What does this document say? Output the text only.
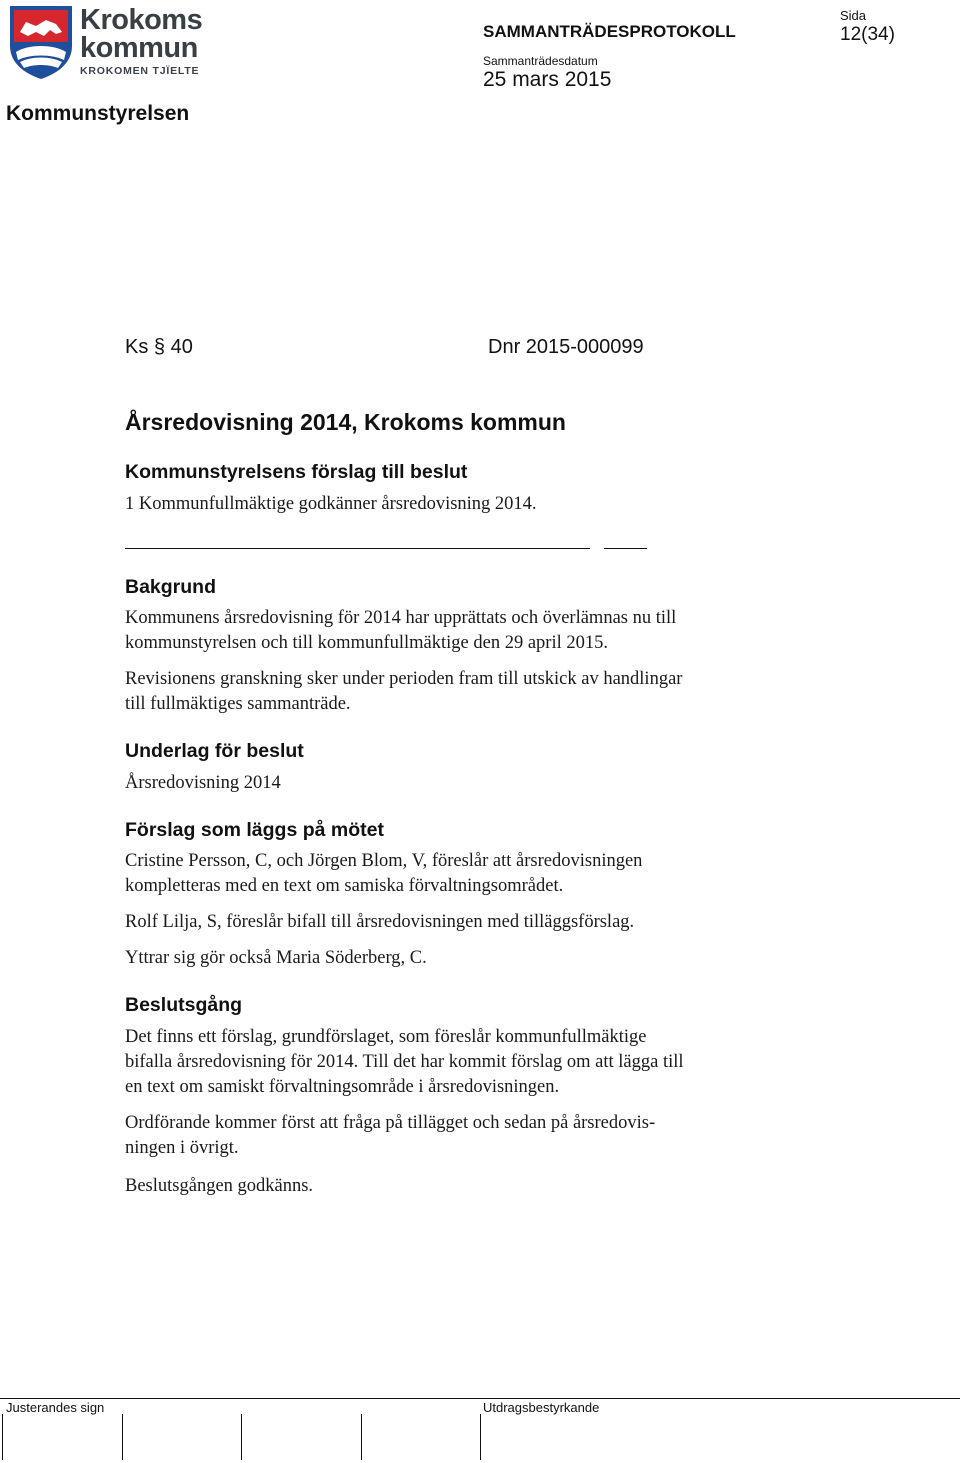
Krokoms
kommun
KROKOMEN TJÏELTE
Kommunstyrelsen
SAMMANTRÄDESPROTOKOLL
Sammanträdesdatum
25 mars 2015
Sida
12(34)
Ks § 40	Dnr 2015-000099
Årsredovisning 2014, Krokoms kommun
Kommunstyrelsens förslag till beslut

1 Kommunfullmäktige godkänner årsredovisning 2014.

Bakgrund

Kommunens årsredovisning för 2014 har upprättats och överlämnas nu till

kommunstyrelsen och till kommunfullmäktige den 29 april 2015.

Revisionens granskning sker under perioden fram till utskick av handlingar

till fullmäktiges sammanträde.

Underlag för beslut

Årsredovisning 2014

Förslag som läggs på mötet

Cristine Persson, C, och Jörgen Blom, V, föreslår att årsredovisningen

kompletteras med en text om samiska förvaltningsområdet.

Rolf Lilja, S, föreslår bifall till årsredovisningen med tilläggsförslag.

Yttrar sig gör också Maria Söderberg, C.

Beslutsgång

Det finns ett förslag, grundförslaget, som föreslår kommunfullmäktige

bifalla årsredovisning för 2014. Till det har kommit förslag om att lägga till

en text om samiskt förvaltningsområde i årsredovisningen.

Ordförande kommer först att fråga på tillägget och sedan på årsredovis-

ningen i övrigt.

Beslutsgången godkänns.

Justerandes sign	Utdragsbestyrkande
